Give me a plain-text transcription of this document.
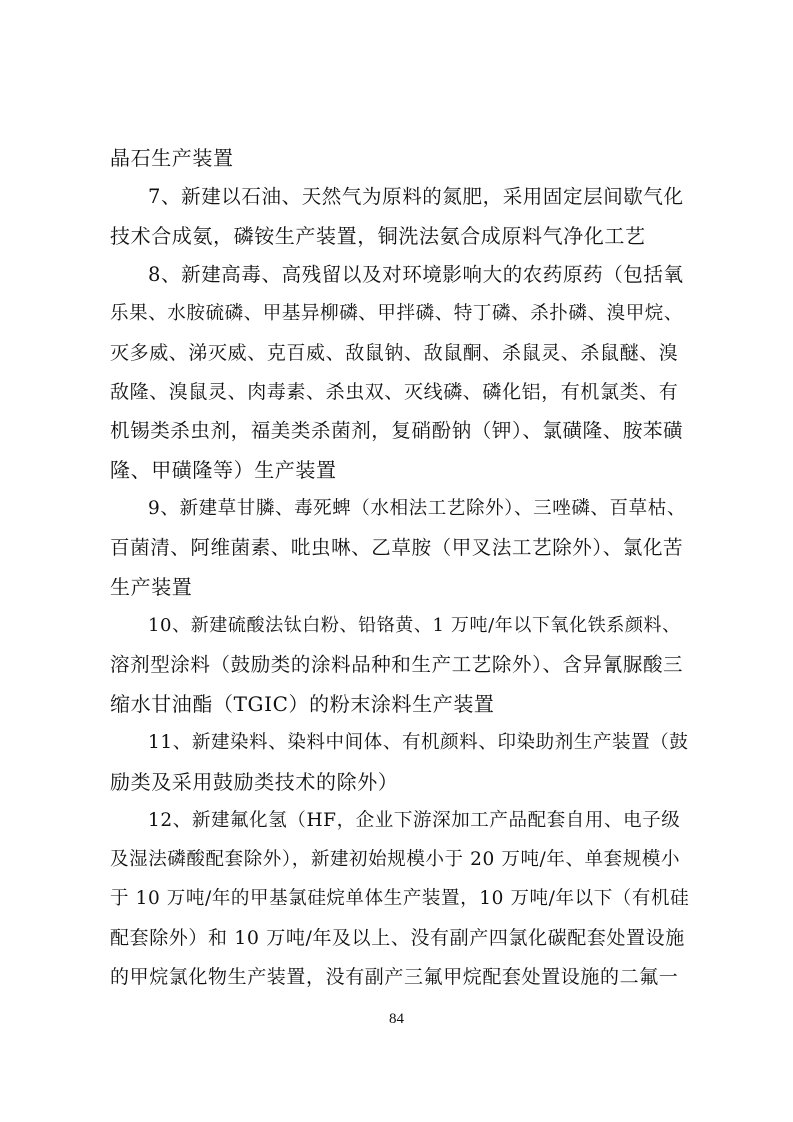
晶石生产装置
7、新建以石油、天然气为原料的氮肥，采用固定层间歇气化
技术合成氨，磷铵生产装置，铜洗法氨合成原料气净化工艺
8、新建高毒、高残留以及对环境影响大的农药原药（包括氧
乐果、水胺硫磷、甲基异柳磷、甲拌磷、特丁磷、杀扑磷、溴甲烷、
灭多威、涕灭威、克百威、敌鼠钠、敌鼠酮、杀鼠灵、杀鼠醚、溴
敌隆、溴鼠灵、肉毒素、杀虫双、灭线磷、磷化铝，有机氯类、有
机锡类杀虫剂，福美类杀菌剂，复硝酚钠（钾）、氯磺隆、胺苯磺
隆、甲磺隆等）生产装置
9、新建草甘膦、毒死蜱（水相法工艺除外）、三唑磷、百草枯、
百菌清、阿维菌素、吡虫啉、乙草胺（甲叉法工艺除外）、氯化苦
生产装置
10、新建硫酸法钛白粉、铅铬黄、1 万吨/年以下氧化铁系颜料、
溶剂型涂料（鼓励类的涂料品种和生产工艺除外）、含异氰脲酸三
缩水甘油酯（TGIC）的粉末涂料生产装置
11、新建染料、染料中间体、有机颜料、印染助剂生产装置（鼓
励类及采用鼓励类技术的除外）
12、新建氟化氢（HF，企业下游深加工产品配套自用、电子级
及湿法磷酸配套除外），新建初始规模小于 20 万吨/年、单套规模小
于 10 万吨/年的甲基氯硅烷单体生产装置，10 万吨/年以下（有机硅
配套除外）和 10 万吨/年及以上、没有副产四氯化碳配套处置设施
的甲烷氯化物生产装置，没有副产三氟甲烷配套处置设施的二氟一
84
